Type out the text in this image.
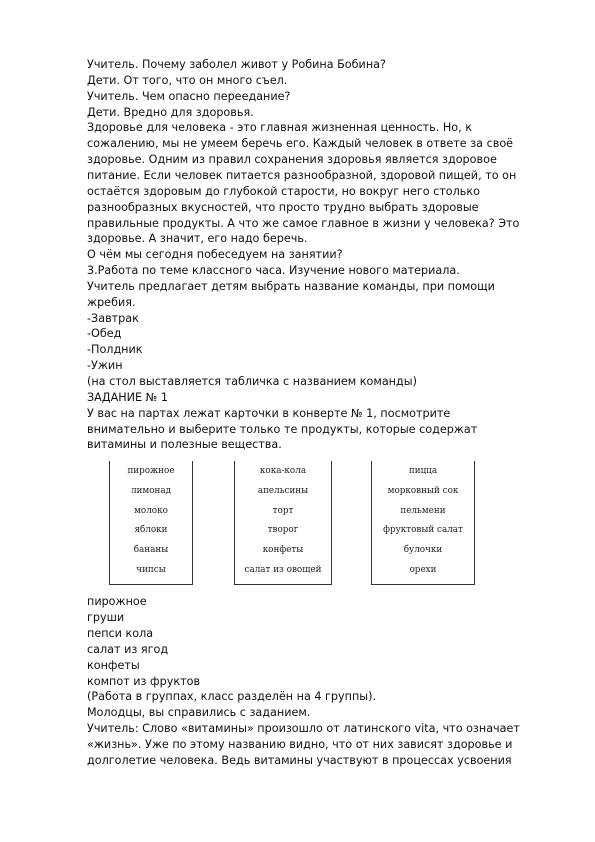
Учитель. Почему заболел живот у Робина Бобина?
Дети. От того, что он много съел.
Учитель. Чем опасно переедание?
Дети. Вредно для здоровья.
Здоровье для человека - это главная жизненная ценность. Но, к
сожалению, мы не умеем беречь его. Каждый человек в ответе за своё
здоровье. Одним из правил сохранения здоровья является здоровое
питание. Если человек питается разнообразной, здоровой пищей, то он
остаётся здоровым до глубокой старости, но вокруг него столько
разнообразных вкусностей, что просто трудно выбрать здоровые
правильные продукты. А что же самое главное в жизни у человека? Это
здоровье. А значит, его надо беречь.
О чём мы сегодня побеседуем на занятии?
3.Работа по теме классного часа. Изучение нового материала.
Учитель предлагает детям выбрать название команды, при помощи
жребия.
-Завтрак
-Обед
-Полдник
-Ужин
(на стол выставляется табличка с названием команды)
ЗАДАНИЕ № 1
У вас на партах лежат карточки в конверте № 1, посмотрите
внимательно и выберите только те продукты, которые содержат
витамины и полезные вещества.
пирожное
лимонад
молоко
яблоки
бананы
чипсы
кока-кола
апельсины
торт
творог
конфеты
салат из овощей
пицца
морковный сок
пельмени
фруктовый салат
булочки
орехи
пирожное
груши
пепси кола
салат из ягод
конфеты
компот из фруктов
(Работа в группах, класс разделён на 4 группы).
Молодцы, вы справились с заданием.
Учитель: Слово «витамины» произошло от латинского vita, что означает
«жизнь». Уже по этому названию видно, что от них зависят здоровье и
долголетие человека. Ведь витамины участвуют в процессах усвоения
